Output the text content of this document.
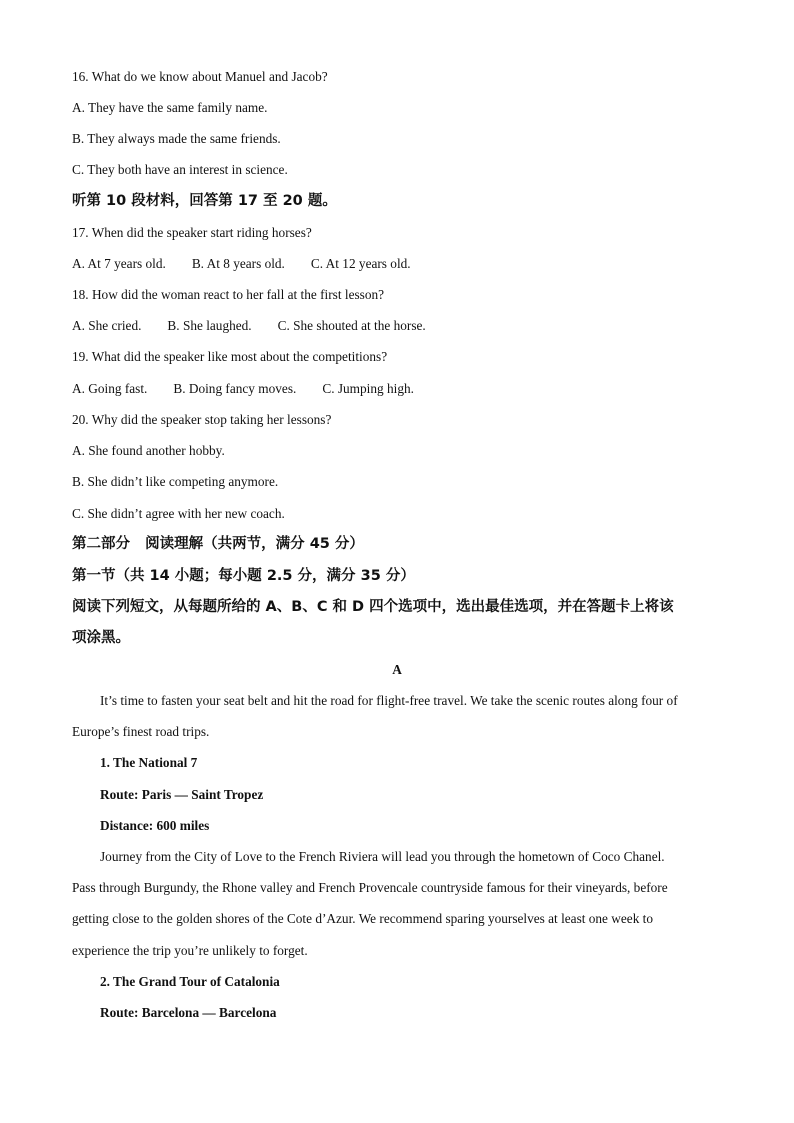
16. What do we know about Manuel and Jacob?
A. They have the same family name.
B. They always made the same friends.
C. They both have an interest in science.
听第 10 段材料，回答第 17 至 20 题。
17. When did the speaker start riding horses?
A. At 7 years old. B. At 8 years old. C. At 12 years old.
18. How did the woman react to her fall at the first lesson?
A. She cried. B. She laughed. C. She shouted at the horse.
19. What did the speaker like most about the competitions?
A. Going fast. B. Doing fancy moves. C. Jumping high.
20. Why did the speaker stop taking her lessons?
A. She found another hobby.
B. She didn’t like competing anymore.
C. She didn’t agree with her new coach.
第二部分   阅读理解（共两节，满分 45 分）
第一节（共 14 小题；每小题 2.5 分，满分 35 分）
阅读下列短文，从每题所给的 A、B、C 和 D 四个选项中，选出最佳选项，并在答题卡上将该
项涂黑。
A
It’s time to fasten your seat belt and hit the road for flight-free travel. We take the scenic routes along four of
Europe’s finest road trips.
1. The National 7
Route: Paris — Saint Tropez
Distance: 600 miles
Journey from the City of Love to the French Riviera will lead you through the hometown of Coco Chanel.
Pass through Burgundy, the Rhone valley and French Provencale countryside famous for their vineyards, before
getting close to the golden shores of the Cote d’Azur. We recommend sparing yourselves at least one week to
experience the trip you’re unlikely to forget.
2. The Grand Tour of Catalonia
Route: Barcelona — Barcelona
